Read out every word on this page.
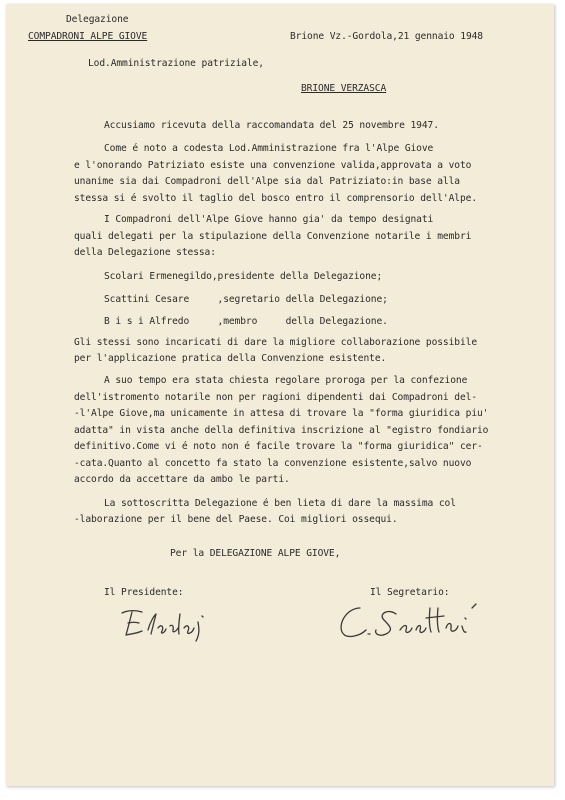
Delegazione
COMPADRONI ALPE GIOVE	Brione Vz.-Gordola,21 gennaio 1948
Lod.Amministrazione patriziale,
BRIONE VERZASCA
Accusiamo ricevuta della raccomandata del 25 novembre 1947.
Come é noto a codesta Lod.Amministrazione fra l'Alpe Giove
e l'onorando Patriziato esiste una convenzione valida,approvata a voto
unanime sia dai Compadroni dell'Alpe sia dal Patriziato:in base alla
stessa si é svolto il taglio del bosco entro il comprensorio dell'Alpe.
I Compadroni dell'Alpe Giove hanno gia' da tempo designati
quali delegati per la stipulazione della Convenzione notarile i membri
della Delegazione stessa:
Scolari Ermenegildo,presidente della Delegazione;
Scattini Cesare     ,segretario della Delegazione;
B i s i Alfredo     ,membro     della Delegazione.
Gli stessi sono incaricati di dare la migliore collaborazione possibile
per l'applicazione pratica della Convenzione esistente.
A suo tempo era stata chiesta regolare proroga per la confezione
dell'istromento notarile non per ragioni dipendenti dai Compadroni del-
-l'Alpe Giove,ma unicamente in attesa di trovare la "forma giuridica piu'
adatta" in vista anche della definitiva inscrizione al "egistro fondiario
definitivo.Come vi é noto non é facile trovare la "forma giuridica" cer-
-cata.Quanto al concetto fa stato la convenzione esistente,salvo nuovo
accordo da accettare da ambo le parti.
La sottoscritta Delegazione é ben lieta di dare la massima col
-laborazione per il bene del Paese. Coi migliori ossequi.
Per la DELEGAZIONE ALPE GIOVE,
Il Presidente:	Il Segretario:
